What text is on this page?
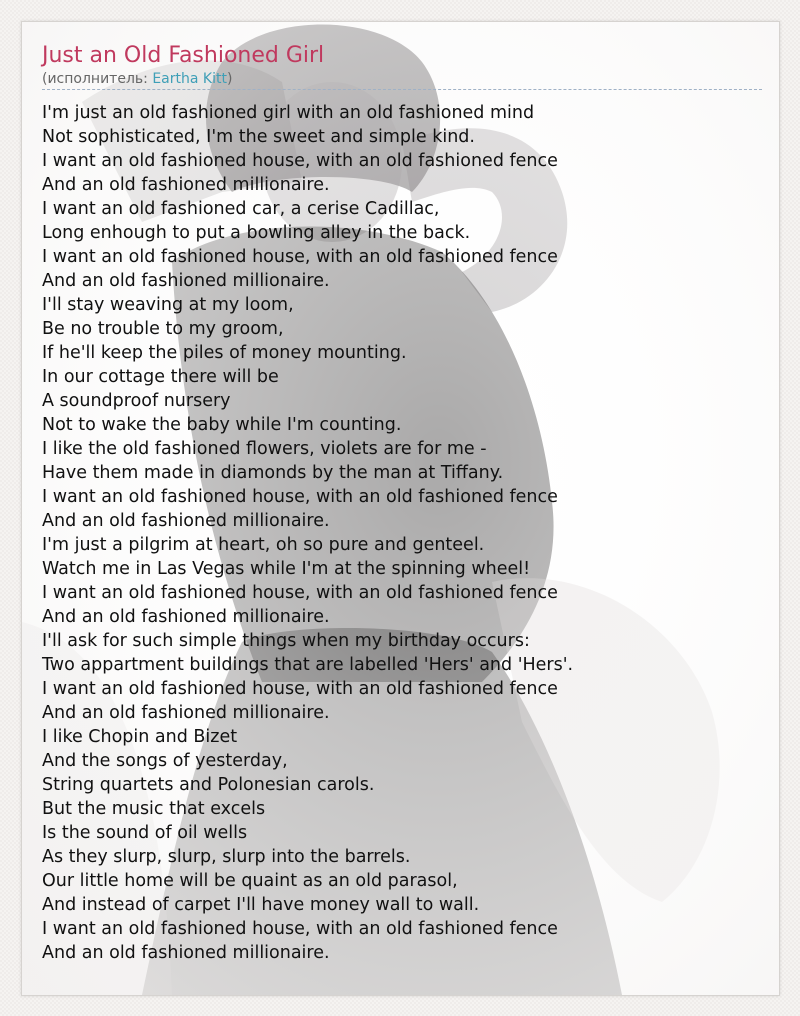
Just an Old Fashioned Girl
(исполнитель: Eartha Kitt)
I'm just an old fashioned girl with an old fashioned mind
Not sophisticated, I'm the sweet and simple kind.
I want an old fashioned house, with an old fashioned fence
And an old fashioned millionaire.
I want an old fashioned car, a cerise Cadillac,
Long enhough to put a bowling alley in the back.
I want an old fashioned house, with an old fashioned fence
And an old fashioned millionaire.
I'll stay weaving at my loom,
Be no trouble to my groom,
If he'll keep the piles of money mounting.
In our cottage there will be
A soundproof nursery
Not to wake the baby while I'm counting.
I like the old fashioned flowers, violets are for me -
Have them made in diamonds by the man at Tiffany.
I want an old fashioned house, with an old fashioned fence
And an old fashioned millionaire.
I'm just a pilgrim at heart, oh so pure and genteel.
Watch me in Las Vegas while I'm at the spinning wheel!
I want an old fashioned house, with an old fashioned fence
And an old fashioned millionaire.
I'll ask for such simple things when my birthday occurs:
Two appartment buildings that are labelled 'Hers' and 'Hers'.
I want an old fashioned house, with an old fashioned fence
And an old fashioned millionaire.
I like Chopin and Bizet
And the songs of yesterday,
String quartets and Polonesian carols.
But the music that excels
Is the sound of oil wells
As they slurp, slurp, slurp into the barrels.
Our little home will be quaint as an old parasol,
And instead of carpet I'll have money wall to wall.
I want an old fashioned house, with an old fashioned fence
And an old fashioned millionaire.
